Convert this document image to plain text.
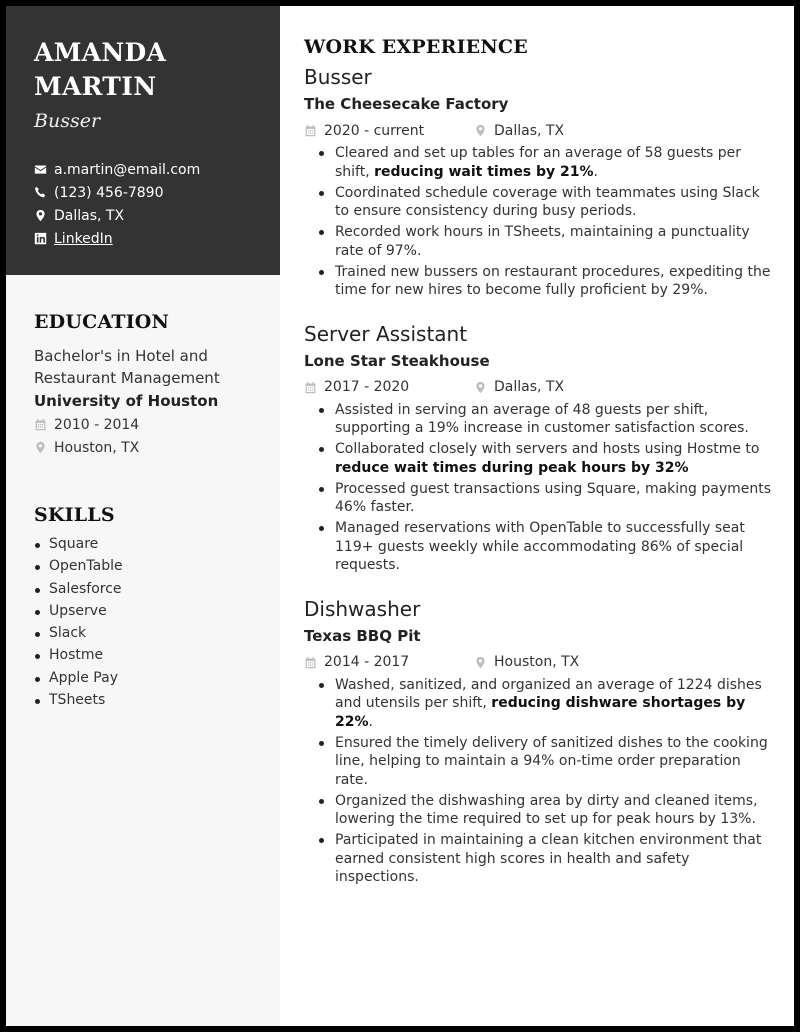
AMANDA
MARTIN
Busser
a.martin@email.com
(123) 456-7890
Dallas, TX
LinkedIn
EDUCATION
Bachelor's in Hotel and Restaurant Management
University of Houston
2010 - 2014
Houston, TX
SKILLS
Square
OpenTable
Salesforce
Upserve
Slack
Hostme
Apple Pay
TSheets
WORK EXPERIENCE
Busser
The Cheesecake Factory
2020 - current	Dallas, TX
Cleared and set up tables for an average of 58 guests per shift, reducing wait times by 21%.
Coordinated schedule coverage with teammates using Slack to ensure consistency during busy periods.
Recorded work hours in TSheets, maintaining a punctuality rate of 97%.
Trained new bussers on restaurant procedures, expediting the time for new hires to become fully proficient by 29%.
Server Assistant
Lone Star Steakhouse
2017 - 2020	Dallas, TX
Assisted in serving an average of 48 guests per shift, supporting a 19% increase in customer satisfaction scores.
Collaborated closely with servers and hosts using Hostme to reduce wait times during peak hours by 32%
Processed guest transactions using Square, making payments 46% faster.
Managed reservations with OpenTable to successfully seat 119+ guests weekly while accommodating 86% of special requests.
Dishwasher
Texas BBQ Pit
2014 - 2017	Houston, TX
Washed, sanitized, and organized an average of 1224 dishes and utensils per shift, reducing dishware shortages by 22%.
Ensured the timely delivery of sanitized dishes to the cooking line, helping to maintain a 94% on-time order preparation rate.
Organized the dishwashing area by dirty and cleaned items, lowering the time required to set up for peak hours by 13%.
Participated in maintaining a clean kitchen environment that earned consistent high scores in health and safety inspections.
